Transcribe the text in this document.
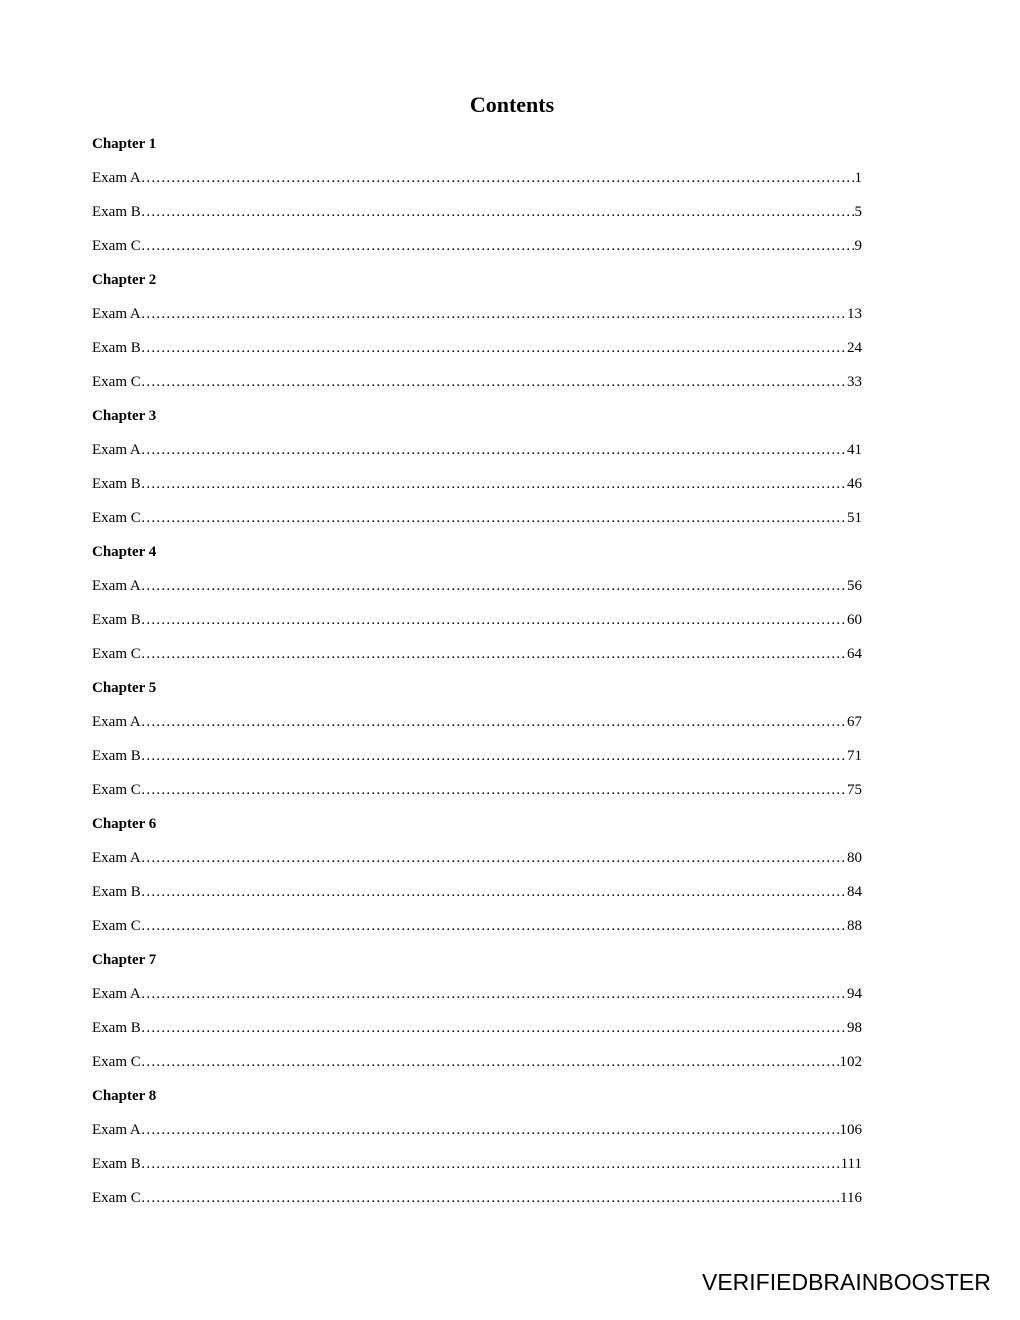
Contents
Chapter 1
Exam A ………………………………………………………………………………………………………………………………………………………………………………………………………………………………………………………………………………………………………………………………	1
Exam B ………………………………………………………………………………………………………………………………………………………………………………………………………………………………………………………………………………………………………………………………	5
Exam C ………………………………………………………………………………………………………………………………………………………………………………………………………………………………………………………………………………………………………………………………	9
Chapter 2
Exam A ………………………………………………………………………………………………………………………………………………………………………………………………………………………………………………………………………………………………………………………………	13
Exam B ………………………………………………………………………………………………………………………………………………………………………………………………………………………………………………………………………………………………………………………………	24
Exam C ………………………………………………………………………………………………………………………………………………………………………………………………………………………………………………………………………………………………………………………………	33
Chapter 3
Exam A ………………………………………………………………………………………………………………………………………………………………………………………………………………………………………………………………………………………………………………………………	41
Exam B ………………………………………………………………………………………………………………………………………………………………………………………………………………………………………………………………………………………………………………………………	46
Exam C ………………………………………………………………………………………………………………………………………………………………………………………………………………………………………………………………………………………………………………………………	51
Chapter 4
Exam A ………………………………………………………………………………………………………………………………………………………………………………………………………………………………………………………………………………………………………………………………	56
Exam B ………………………………………………………………………………………………………………………………………………………………………………………………………………………………………………………………………………………………………………………………	60
Exam C ………………………………………………………………………………………………………………………………………………………………………………………………………………………………………………………………………………………………………………………………	64
Chapter 5
Exam A ………………………………………………………………………………………………………………………………………………………………………………………………………………………………………………………………………………………………………………………………	67
Exam B ………………………………………………………………………………………………………………………………………………………………………………………………………………………………………………………………………………………………………………………………	71
Exam C ………………………………………………………………………………………………………………………………………………………………………………………………………………………………………………………………………………………………………………………………	75
Chapter 6
Exam A ………………………………………………………………………………………………………………………………………………………………………………………………………………………………………………………………………………………………………………………………	80
Exam B ………………………………………………………………………………………………………………………………………………………………………………………………………………………………………………………………………………………………………………………………	84
Exam C ………………………………………………………………………………………………………………………………………………………………………………………………………………………………………………………………………………………………………………………………	88
Chapter 7
Exam A ………………………………………………………………………………………………………………………………………………………………………………………………………………………………………………………………………………………………………………………………	94
Exam B ………………………………………………………………………………………………………………………………………………………………………………………………………………………………………………………………………………………………………………………………	98
Exam C ………………………………………………………………………………………………………………………………………………………………………………………………………………………………………………………………………………………………………………………………	102
Chapter 8
Exam A ………………………………………………………………………………………………………………………………………………………………………………………………………………………………………………………………………………………………………………………………	106
Exam B ………………………………………………………………………………………………………………………………………………………………………………………………………………………………………………………………………………………………………………………………	111
Exam C ………………………………………………………………………………………………………………………………………………………………………………………………………………………………………………………………………………………………………………………………	116
VERIFIEDBRAINBOOSTER
